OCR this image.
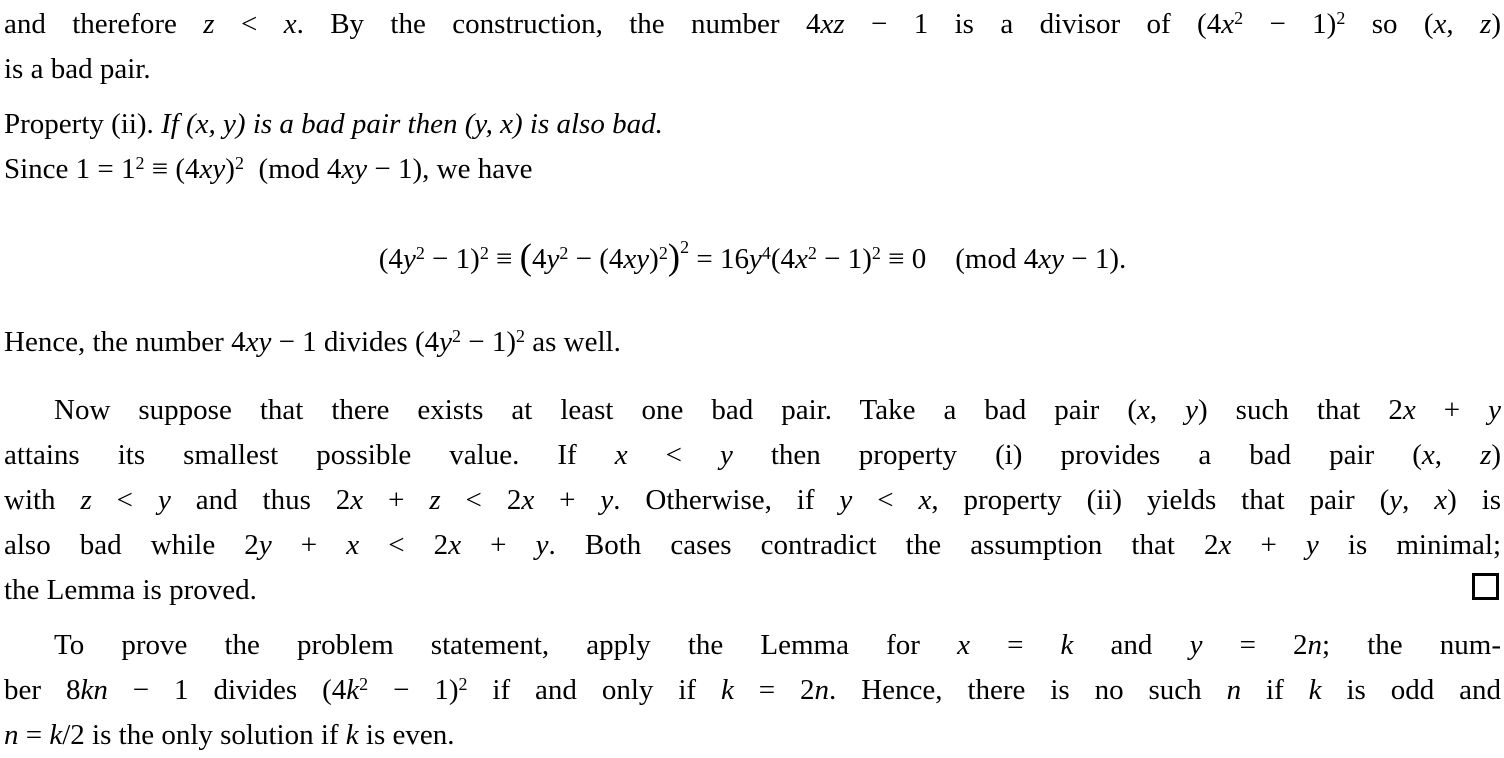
and therefore z < x. By the construction, the number 4xz − 1 is a divisor of $(4x^2 - 1)^2$ so (x, z)
is a bad pair.
Property (ii). If (x, y) is a bad pair then (y, x) is also bad.
Since $1 = 1^2 \equiv (4xy)^2$ (mod 4xy − 1), we have
$(4y^2 - 1)^2 \equiv (4y^2 - (4xy)^2)^2 = 16y^4(4x^2 - 1)^2 \equiv 0$ (mod 4xy − 1).
Hence, the number 4xy − 1 divides $(4y^2 - 1)^2$ as well.
Now suppose that there exists at least one bad pair. Take a bad pair (x, y) such that 2x + y
attains its smallest possible value. If x < y then property (i) provides a bad pair (x, z)
with z < y and thus 2x + z < 2x + y. Otherwise, if y < x, property (ii) yields that pair (y, x) is
also bad while 2y + x < 2x + y. Both cases contradict the assumption that 2x + y is minimal;
the Lemma is proved.
To prove the problem statement, apply the Lemma for x = k and y = 2n; the num-
ber 8kn − 1 divides $(4k^2 - 1)^2$ if and only if k = 2n. Hence, there is no such n if k is odd and
n = k/2 is the only solution if k is even.
